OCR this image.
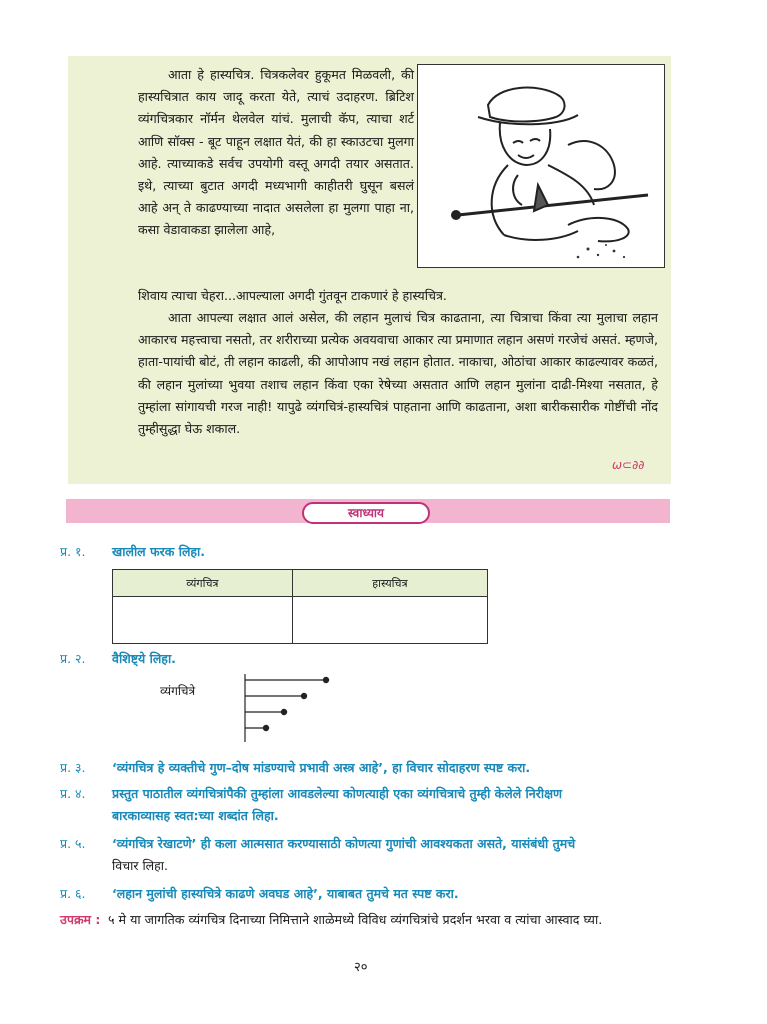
आता हे हास्यचित्र. चित्रकलेवर हुकूमत मिळवली, की हास्यचित्रात काय जादू करता येते, त्याचं उदाहरण. ब्रिटिश व्यंगचित्रकार नॉर्मन थेलवेल यांचं. मुलाची कॅप, त्याचा शर्ट आणि सॉक्स - बूट पाहून लक्षात येतं, की हा स्काउटचा मुलगा आहे. त्याच्याकडे सर्वच उपयोगी वस्तू अगदी तयार असतात. इथे, त्याच्या बुटात अगदी मध्यभागी काहीतरी घुसून बसलं आहे अन् ते काढण्याच्या नादात असलेला हा मुलगा पाहा ना, कसा वेडावाकडा झालेला आहे,
शिवाय त्याचा चेहरा...आपल्याला अगदी गुंतवून टाकणारं हे हास्यचित्र.
आता आपल्या लक्षात आलं असेल, की लहान मुलाचं चित्र काढताना, त्या चित्राचा किंवा त्या मुलाचा लहान आकारच महत्त्वाचा नसतो, तर शरीराच्या प्रत्येक अवयवाचा आकार त्या प्रमाणात लहान असणं गरजेचं असतं. म्हणजे, हाता-पायांची बोटं, ती लहान काढली, की आपोआप नखं लहान होतात. नाकाचा, ओठांचा आकार काढल्यावर कळतं, की लहान मुलांच्या भुवया तशाच लहान किंवा एका रेषेच्या असतात आणि लहान मुलांना दाढी-मिश्या नसतात, हे तुम्हांला सांगायची गरज नाही! यापुढे व्यंगचित्रं-हास्यचित्रं पाहताना आणि काढताना, अशा बारीकसारीक गोष्टींची नोंद तुम्हीसुद्धा घेऊ शकाल.
ω⊂∂∂
स्वाध्याय
प्र. १. खालील फरक लिहा.
व्यंगचित्र	हास्यचित्र

प्र. २. वैशिष्ट्ये लिहा.
व्यंगचित्रे
प्र. ३. ‘व्यंगचित्र हे व्यक्तीचे गुण–दोष मांडण्याचे प्रभावी अस्त्र आहे’, हा विचार सोदाहरण स्पष्ट करा.
प्र. ४. प्रस्तुत पाठातील व्यंगचित्रांपैकी तुम्हांला आवडलेल्या कोणत्याही एका व्यंगचित्राचे तुम्ही केलेले निरीक्षण
बारकाव्यासह स्वत:च्या शब्दांत लिहा.
प्र. ५. ‘व्यंगचित्र रेखाटणे’ ही कला आत्मसात करण्यासाठी कोणत्या गुणांची आवश्यकता असते, यासंबंधी तुमचे
विचार लिहा.
प्र. ६. ‘लहान मुलांची हास्यचित्रे काढणे अवघड आहे’, याबाबत तुमचे मत स्पष्ट करा.
उपक्रम : ५ मे या जागतिक व्यंगचित्र दिनाच्या निमित्ताने शाळेमध्ये विविध व्यंगचित्रांचे प्रदर्शन भरवा व त्यांचा आस्वाद घ्या.
२०
